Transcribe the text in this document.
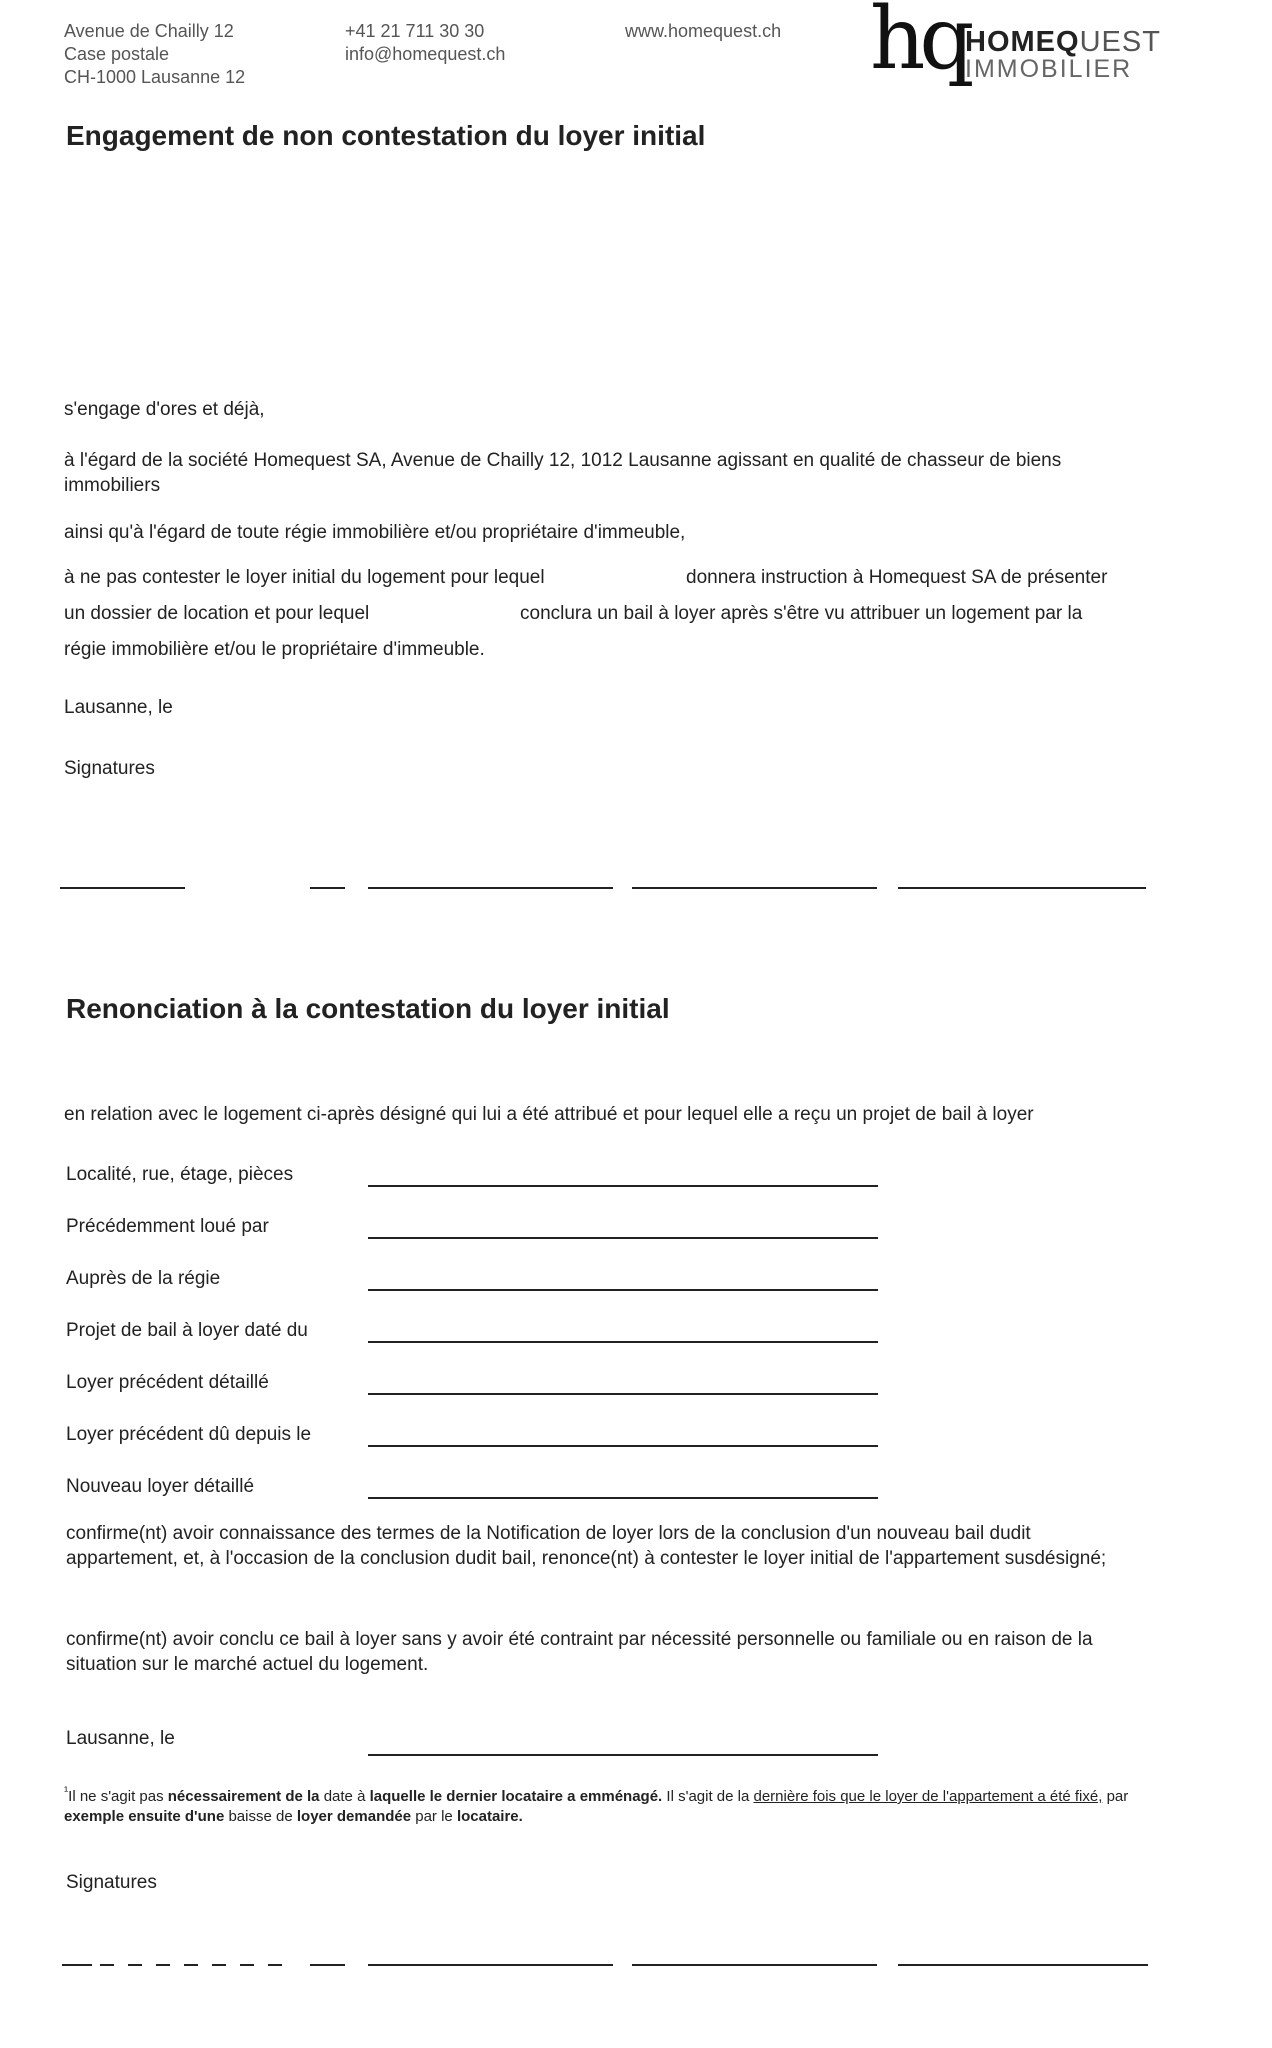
Avenue de Chailly 12
Case postale
CH-1000 Lausanne 12
+41 21 711 30 30
info@homequest.ch
www.homequest.ch hq
HOMEQUEST
IMMOBILIER
Engagement de non contestation du loyer initial
s'engage d'ores et déjà,
à l'égard de la société Homequest SA, Avenue de Chailly 12, 1012 Lausanne agissant en qualité de chasseur de biens immobiliers
ainsi qu'à l'égard de toute régie immobilière et/ou propriétaire d'immeuble,
à ne pas contester le loyer initial du logement pour lequel	donnera instruction à Homequest SA de présenter
un dossier de location et pour lequel	conclura un bail à loyer après s'être vu attribuer un logement par la
régie immobilière et/ou le propriétaire d'immeuble.
Lausanne, le
Signatures
Renonciation à la contestation du loyer initial
en relation avec le logement ci-après désigné qui lui a été attribué et pour lequel elle a reçu un projet de bail à loyer
Localité, rue, étage, pièces
Précédemment loué par
Auprès de la régie
Projet de bail à loyer daté du
Loyer précédent détaillé
Loyer précédent dû depuis le
Nouveau loyer détaillé
confirme(nt) avoir connaissance des termes de la Notification de loyer lors de la conclusion d'un nouveau bail dudit appartement, et, à l'occasion de la conclusion dudit bail, renonce(nt) à contester le loyer initial de l'appartement susdésigné;
confirme(nt) avoir conclu ce bail à loyer sans y avoir été contraint par nécessité personnelle ou familiale ou en raison de la situation sur le marché actuel du logement.
Lausanne, le
$^{^1}$Il ne s'agit pas nécessairement de la date à laquelle le dernier locataire a emménagé. Il s'agit de la dernière fois que le loyer de l'appartement a été fixé, par exemple ensuite d'une baisse de loyer demandée par le locataire.
Signatures
